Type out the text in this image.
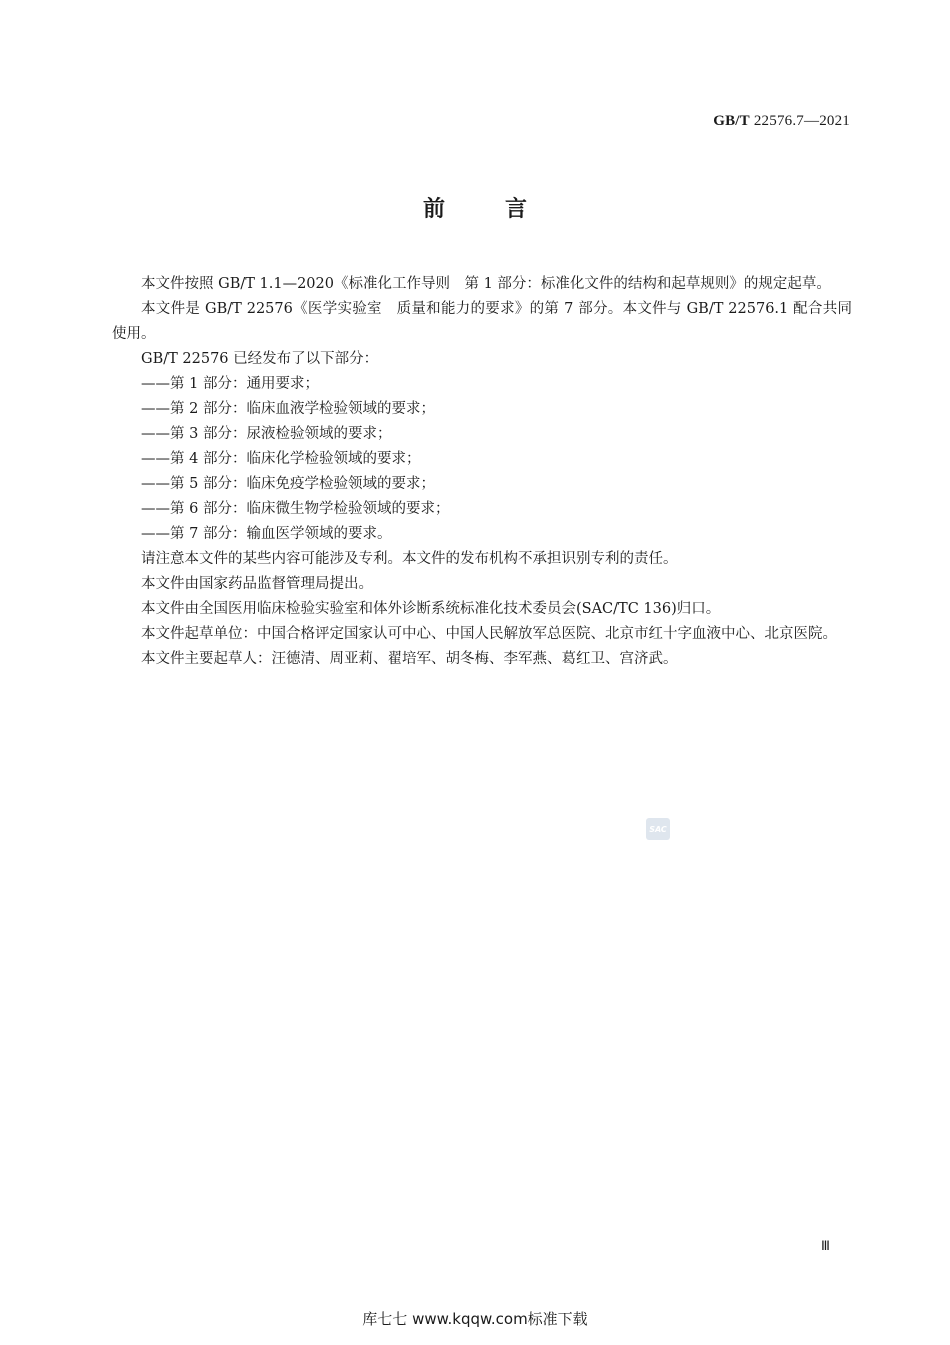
GB/T 22576.7—2021
前言

本文件按照 GB/T 1.1—2020《标准化工作导则　第 1 部分：标准化文件的结构和起草规则》的规定起草。

本文件是 GB/T 22576《医学实验室　质量和能力的要求》的第 7 部分。本文件与 GB/T 22576.1 配合共同使用。

GB/T 22576 已经发布了以下部分：

——第 1 部分：通用要求；

——第 2 部分：临床血液学检验领域的要求；

——第 3 部分：尿液检验领域的要求；

——第 4 部分：临床化学检验领域的要求；

——第 5 部分：临床免疫学检验领域的要求；

——第 6 部分：临床微生物学检验领域的要求；

——第 7 部分：输血医学领域的要求。

请注意本文件的某些内容可能涉及专利。本文件的发布机构不承担识别专利的责任。

本文件由国家药品监督管理局提出。

本文件由全国医用临床检验实验室和体外诊断系统标准化技术委员会(SAC/TC 136)归口。

本文件起草单位：中国合格评定国家认可中心、中国人民解放军总医院、北京市红十字血液中心、北京医院。

本文件主要起草人：汪德清、周亚莉、翟培军、胡冬梅、李军燕、葛红卫、宫济武。

SAC
Ⅲ
库七七 www.kqqw.com标准下载
